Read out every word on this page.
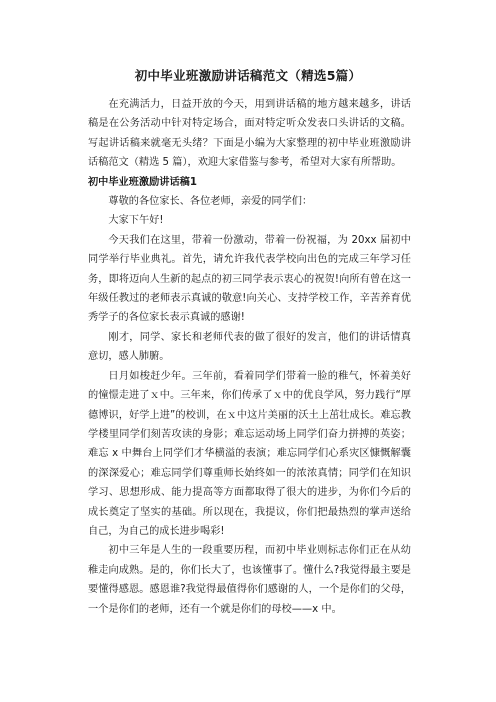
初中毕业班激励讲话稿范文（精选5篇）

在充满活力，日益开放的今天，用到讲话稿的地方越来越多，讲话稿是在公务活动中针对特定场合，面对特定听众发表口头讲话的文稿。写起讲话稿来就毫无头绪？下面是小编为大家整理的初中毕业班激励讲话稿范文（精选 5 篇），欢迎大家借鉴与参考，希望对大家有所帮助。

初中毕业班激励讲话稿1

尊敬的各位家长、各位老师，亲爱的同学们：

大家下午好!

今天我们在这里，带着一份激动，带着一份祝福，为 20xx 届初中同学举行毕业典礼。首先，请允许我代表学校向出色的完成三年学习任务，即将迈向人生新的起点的初三同学表示衷心的祝贺!向所有曾在这一年级任教过的老师表示真诚的敬意!向关心、支持学校工作，辛苦养育优秀学子的各位家长表示真诚的感谢!

刚才，同学、家长和老师代表的做了很好的发言，他们的讲话情真意切，感人肺腑。

日月如梭赶少年。三年前，看着同学们带着一脸的稚气，怀着美好的憧憬走进了ｘ中。三年来，你们传承了ｘ中的优良学风，努力践行“厚德博识，好学上进”的校训，在ｘ中这片美丽的沃土上茁壮成长。难忘教学楼里同学们刻苦攻读的身影；难忘运动场上同学们奋力拼搏的英姿；难忘 x 中舞台上同学们才华横溢的表演；难忘同学们心系灾区慷慨解囊的深深爱心；难忘同学们尊重师长始终如一的浓浓真情；同学们在知识学习、思想形成、能力提高等方面都取得了很大的进步，为你们今后的成长奠定了坚实的基础。所以现在，我提议，你们把最热烈的掌声送给自己，为自己的成长进步喝彩!

初中三年是人生的一段重要历程，而初中毕业则标志你们正在从幼稚走向成熟。是的，你们长大了，也该懂事了。懂什么?我觉得最主要是要懂得感恩。感恩谁?我觉得最值得你们感谢的人，一个是你们的父母，一个是你们的老师，还有一个就是你们的母校——x 中。
